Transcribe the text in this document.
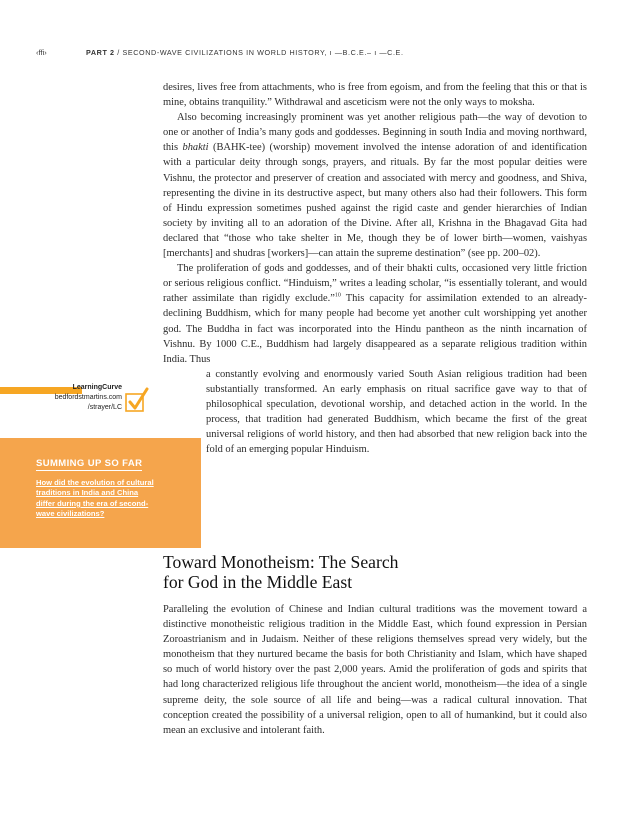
‹ffi›	PART 2 / SECOND-WAVE CIVILIZATIONS IN WORLD HISTORY, ı —B.C.E.– ı —C.E.

desires, lives free from attachments, who is free from egoism, and from the feeling that this or that is mine, obtains tranquility.” Withdrawal and asceticism were not the only ways to moksha.

Also becoming increasingly prominent was yet another religious path—the way of devotion to one or another of India’s many gods and goddesses. Beginning in south India and moving northward, this bhakti (BAHK-tee) (worship) movement involved the intense adoration of and identification with a particular deity through songs, prayers, and rituals. By far the most popular deities were Vishnu, the protector and preserver of creation and associated with mercy and goodness, and Shiva, representing the divine in its destructive aspect, but many others also had their followers. This form of Hindu expression sometimes pushed against the rigid caste and gender hierarchies of Indian society by inviting all to an adoration of the Divine. After all, Krishna in the Bhagavad Gita had declared that “those who take shelter in Me, though they be of lower birth—women, vaishyas [merchants] and shudras [workers]—can attain the supreme destination” (see pp. 200–02).

The proliferation of gods and goddesses, and of their bhakti cults, occasioned very little friction or serious religious conflict. “Hinduism,” writes a leading scholar, “is essentially tolerant, and would rather assimilate than rigidly exclude.”$^{10}$ This capacity for assimilation extended to an already-declining Buddhism, which for many people had become yet another cult worshipping yet another god. The Buddha in fact was incorporated into the Hindu pantheon as the ninth incarnation of Vishnu. By 1000 C.E., Buddhism had largely disappeared as a separate religious tradition within India. Thus

a constantly evolving and enormously varied South Asian religious tradition had been substantially transformed. An early emphasis on ritual sacrifice gave way to that of philosophical speculation, devotional worship, and detached action in the world. In the process, that tradition had generated Buddhism, which became the first of the great universal religions of world history, and then had absorbed that new religion back into the fold of an emerging popular Hinduism.

LearningCurve
bedfordstmartins.com
/strayer/LC
SUMMING UP SO FAR
How did the evolution of cultural
traditions in India and China
differ during the era of second-
wave civilizations?
Toward Monotheism: The Search
for God in the Middle East

Paralleling the evolution of Chinese and Indian cultural traditions was the movement toward a distinctive monotheistic religious tradition in the Middle East, which found expression in Persian Zoroastrianism and in Judaism. Neither of these religions themselves spread very widely, but the monotheism that they nurtured became the basis for both Christianity and Islam, which have shaped so much of world history over the past 2,000 years. Amid the proliferation of gods and spirits that had long characterized religious life throughout the ancient world, monotheism—the idea of a single supreme deity, the sole source of all life and being—was a radical cultural innovation. That conception created the possibility of a universal religion, open to all of humankind, but it could also mean an exclusive and intolerant faith.
